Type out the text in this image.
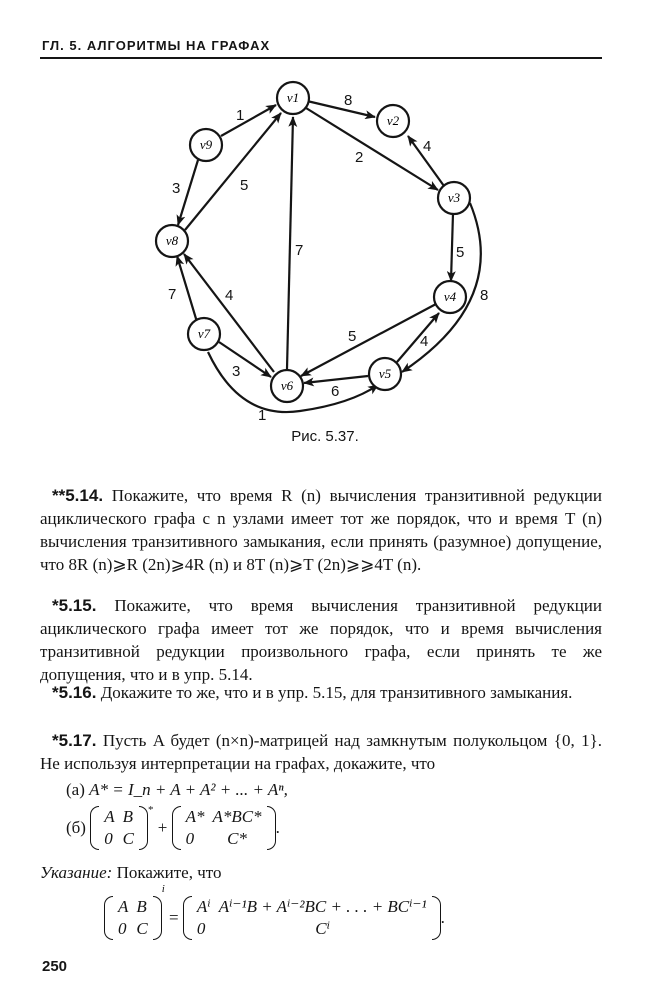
ГЛ. 5. АЛГОРИТМЫ НА ГРАФАХ
1
8
4
2
3	5
7	5
8
7	4
5	4
3
6
1
v1
v2
v3
v4
v5
v6
v7
v8
v9
Рис. 5.37.
**5.14. Покажите, что время R (n) вычисления транзитивной редукции ациклического графа с n узлами имеет тот же порядок, что и время T (n) вычисления транзитивного замыкания, если принять (разумное) допущение, что 8R (n)⩾R (2n)⩾4R (n) и 8T (n)⩾T (2n)⩾⩾4T (n).
*5.15. Покажите, что время вычисления транзитивной редукции ациклического графа имеет тот же порядок, что и время вычисления транзитивной редукции произвольного графа, если принять те же допущения, что и в упр. 5.14.
*5.16. Докажите то же, что и в упр. 5.15, для транзитивного замыкания.
*5.17. Пусть A будет (n×n)-матрицей над замкнутым полукольцом {0, 1}. Не используя интерпретации на графах, докажите, что
(а) A* = I_n + A + A² + ... + Aⁿ,
(б)
A	B
0	C
* +
A*	A*BC*
0	C*
.
Указание: Покажите, что
A	B
0	C
$^i$ =
Aⁱ	Aⁱ⁻¹B + Aⁱ⁻²BC + . . . + BCⁱ⁻¹
0	Cⁱ
.
250
